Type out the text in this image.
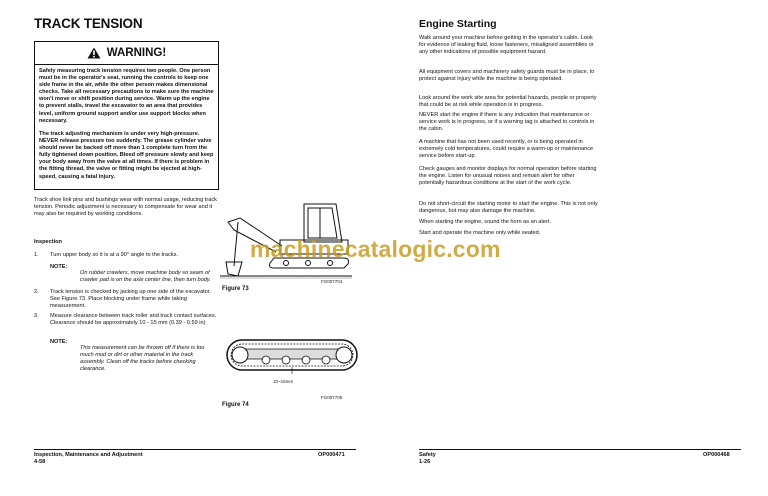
TRACK TENSION
WARNING!

Safely measuring track tension requires two people. One person must be in the operator's seat, running the controls to keep one side frame in the air, while the other person makes dimensional checks. Take all necessary precautions to make sure the machine won't move or shift position during service. Warm up the engine to prevent stalls, travel the excavator to an area that provides level, uniform ground support and/or use support blocks when necessary.

The track adjusting mechanism is under very high-pressure. NEVER release pressure too suddenly. The grease cylinder valve should never be backed off more than 1 complete turn from the fully tightened down position. Bleed off pressure slowly and keep your body away from the valve at all times. If there is problem in the fitting thread, the valve or fitting might be ejected at high-speed, causing a fatal injury.

Track shoe link pins and bushings wear with normal usage, reducing track tension. Periodic adjustment is necessary to compensate for wear and it may also be required by working conditions.

Inspection
1. Turn upper body so it is at a 90° angle to the tracks.

NOTE:

On rubber crawlers, move machine body so seam of crawler pad is on the axle center line, then turn body.

2. Track tension is checked by jacking up one side of the excavator. See Figure 73. Place blocking under frame while taking measurement.

3. Measure clearance between track roller and track contact surfaces. Clearance should be approximately 10 - 15 mm (0.39 - 0.59 in)

NOTE:

This measurement can be thrown off if there is too much mud or dirt or other material in the track assembly. Clean off the tracks before checking clearance.

FG007704
Figure 73
10~15mm
FG007705
Figure 74
Inspection, Maintenance and Adjustment
4-58
OP000471
Engine Starting

Walk around your machine before getting in the operator's cabin. Look for evidence of leaking fluid, loose fasteners, misaligned assemblies or any other indications of possible equipment hazard.

All equipment covers and machinery safety guards must be in place, to protect against injury while the machine is being operated.

Look around the work site area for potential hazards, people or property that could be at risk while operation is in progress.

NEVER start the engine if there is any indication that maintenance or service work is in progress, or if a warning tag is attached to controls in the cabin.

A machine that has not been used recently, or is being operated in extremely cold temperatures, could require a warm-up or maintenance service before start-up.

Check gauges and monitor displays for normal operation before starting the engine. Listen for unusual noises and remain alert for other potentially hazardous conditions at the start of the work cycle.

Do not short-circuit the starting motor to start the engine. This is not only dangerous, but may also damage the machine.

When starting the engine, sound the horn as an alert.

Start and operate the machine only while seated.

Safety
1-26
OP000468
machinecatalogic.com
